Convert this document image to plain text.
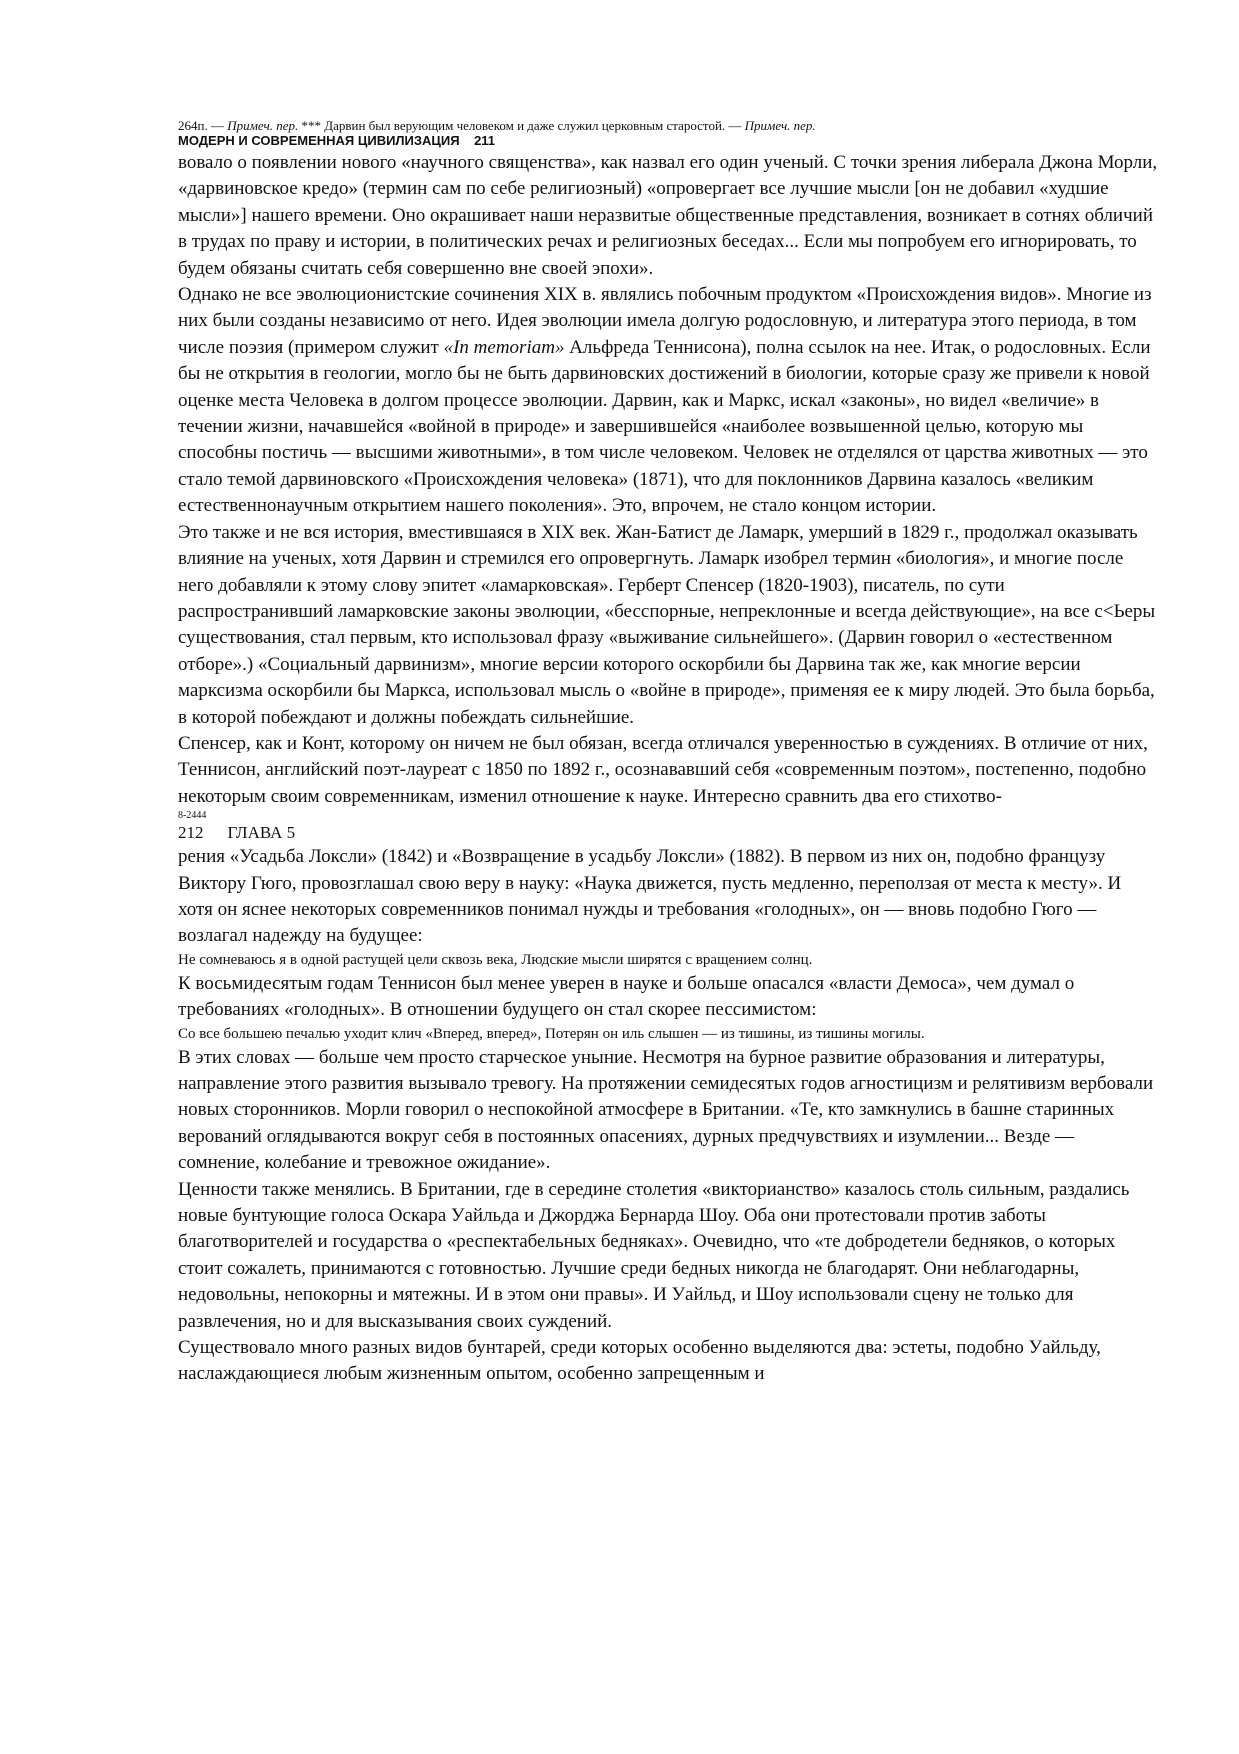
264п. — Примеч. пер. *** Дарвин был верующим человеком и даже служил церковным старостой. — Примеч. пер.

МОДЕРН И СОВРЕМЕННАЯ ЦИВИЛИЗАЦИЯ 211

вовало о появлении нового «научного священства», как назвал его один ученый. С точки зрения либерала Джона Морли, «дарвиновское кредо» (термин сам по себе религиозный) «опровергает все лучшие мысли [он не добавил «худшие мысли»] нашего времени. Оно окрашивает наши неразвитые общественные представления, возникает в сотнях обличий в трудах по праву и истории, в политических речах и религиозных беседах... Если мы попробуем его игнорировать, то будем обязаны считать себя совершенно вне своей эпохи».

Однако не все эволюционистские сочинения XIX в. являлись побочным продуктом «Происхождения видов». Многие из них были созданы независимо от него. Идея эволюции имела долгую родословную, и литература этого периода, в том числе поэзия (примером служит «In memoriam» Альфреда Теннисона), полна ссылок на нее. Итак, о родословных. Если бы не открытия в геологии, могло бы не быть дарвиновских достижений в биологии, которые сразу же привели к новой оценке места Человека в долгом процессе эволюции. Дарвин, как и Маркс, искал «законы», но видел «величие» в течении жизни, начавшейся «войной в природе» и завершившейся «наиболее возвышенной целью, которую мы способны постичь — высшими животными», в том числе человеком. Человек не отделялся от царства животных — это стало темой дарвиновского «Происхождения человека» (1871), что для поклонников Дарвина казалось «великим естественнонаучным открытием нашего поколения». Это, впрочем, не стало концом истории.

Это также и не вся история, вместившаяся в XIX век. Жан-Батист де Ламарк, умерший в 1829 г., продолжал оказывать влияние на ученых, хотя Дарвин и стремился его опровергнуть. Ламарк изобрел термин «биология», и многие после него добавляли к этому слову эпитет «ламарковская». Герберт Спенсер (1820-1903), писатель, по сути распространивший ламарковские законы эволюции, «бесспорные, непреклонные и всегда действующие», на все с<Ьеры существования, стал первым, кто использовал фразу «выживание сильнейшего». (Дарвин говорил о «естественном отборе».) «Социальный дарвинизм», многие версии которого оскорбили бы Дарвина так же, как многие версии марксизма оскорбили бы Маркса, использовал мысль о «войне в природе», применяя ее к миру людей. Это была борьба, в которой побеждают и должны побеждать сильнейшие.

Спенсер, как и Конт, которому он ничем не был обязан, всегда отличался уверенностью в суждениях. В отличие от них, Теннисон, английский поэт-лауреат с 1850 по 1892 г., осознававший себя «современным поэтом», постепенно, подобно некоторым своим современникам, изменил отношение к науке. Интересно сравнить два его стихотво-

8-2444

212 ГЛАВА 5

рения «Усадьба Локсли» (1842) и «Возвращение в усадьбу Локсли» (1882). В первом из них он, подобно французу Виктору Гюго, провозглашал свою веру в науку: «Наука движется, пусть медленно, переползая от места к месту». И хотя он яснее некоторых современников понимал нужды и требования «голодных», он — вновь подобно Гюго — возлагал надежду на будущее:

Не сомневаюсь я в одной растущей цели сквозь века, Людские мысли ширятся с вращением солнц.

К восьмидесятым годам Теннисон был менее уверен в науке и больше опасался «власти Демоса», чем думал о требованиях «голодных». В отношении будущего он стал скорее пессимистом:

Со все большею печалью уходит клич «Вперед, вперед», Потерян он иль слышен — из тишины, из тишины могилы.

В этих словах — больше чем просто старческое уныние. Несмотря на бурное развитие образования и литературы, направление этого развития вызывало тревогу. На протяжении семидесятых годов агностицизм и релятивизм вербовали новых сторонников. Морли говорил о неспокойной атмосфере в Британии. «Те, кто замкнулись в башне старинных верований оглядываются вокруг себя в постоянных опасениях, дурных предчувствиях и изумлении... Везде — сомнение, колебание и тревожное ожидание».

Ценности также менялись. В Британии, где в середине столетия «викторианство» казалось столь сильным, раздались новые бунтующие голоса Оскара Уайльда и Джорджа Бернарда Шоу. Оба они протестовали против заботы благотворителей и государства о «респектабельных бедняках». Очевидно, что «те добродетели бедняков, о которых стоит сожалеть, принимаются с готовностью. Лучшие среди бедных никогда не благодарят. Они неблагодарны, недовольны, непокорны и мятежны. И в этом они правы». И Уайльд, и Шоу использовали сцену не только для развлечения, но и для высказывания своих суждений.

Существовало много разных видов бунтарей, среди которых особенно выделяются два: эстеты, подобно Уайльду, наслаждающиеся любым жизненным опытом, особенно запрещенным и
